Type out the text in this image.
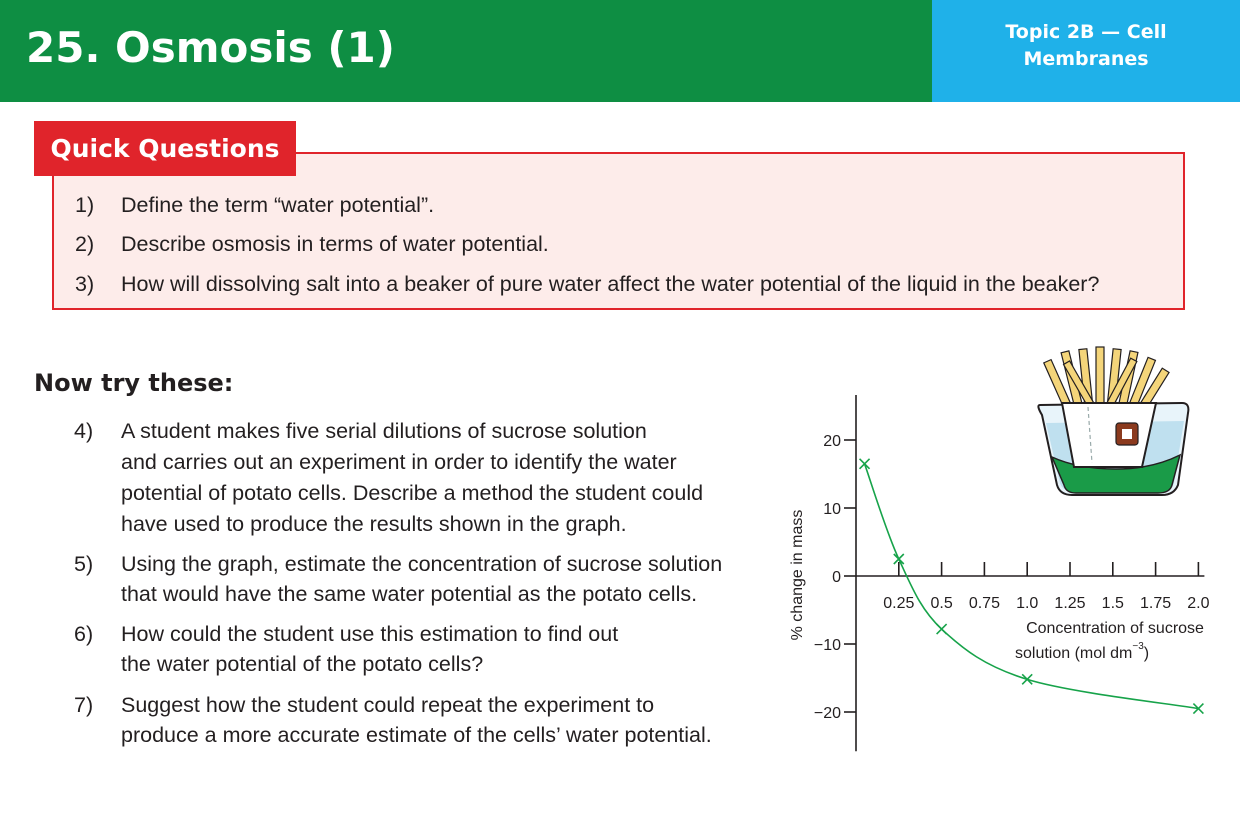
25. Osmosis (1)	Topic 2B — Cell
Membranes
1)	Define the term “water potential”.
2)	Describe osmosis in terms of water potential.
3)	How will dissolving salt into a beaker of pure water affect the water potential of the liquid in the beaker?
Quick Questions
Now try these:
4)	A student makes five serial dilutions of sucrose solution
and carries out an experiment in order to identify the water
potential of potato cells. Describe a method the student could
have used to produce the results shown in the graph.
5)	Using the graph, estimate the concentration of sucrose solution
that would have the same water potential as the potato cells.
6)	How could the student use this estimation to find out
the water potential of the potato cells?
7)	Suggest how the student could repeat the experiment to
produce a more accurate estimate of the cells’ water potential.
20
10
0
−10
−20
0.25 0.5 0.75 1.0 1.25 1.5 1.75 2.0
% change in mass	Concentration of sucrose
solution (mol $dm^{-3}$)
